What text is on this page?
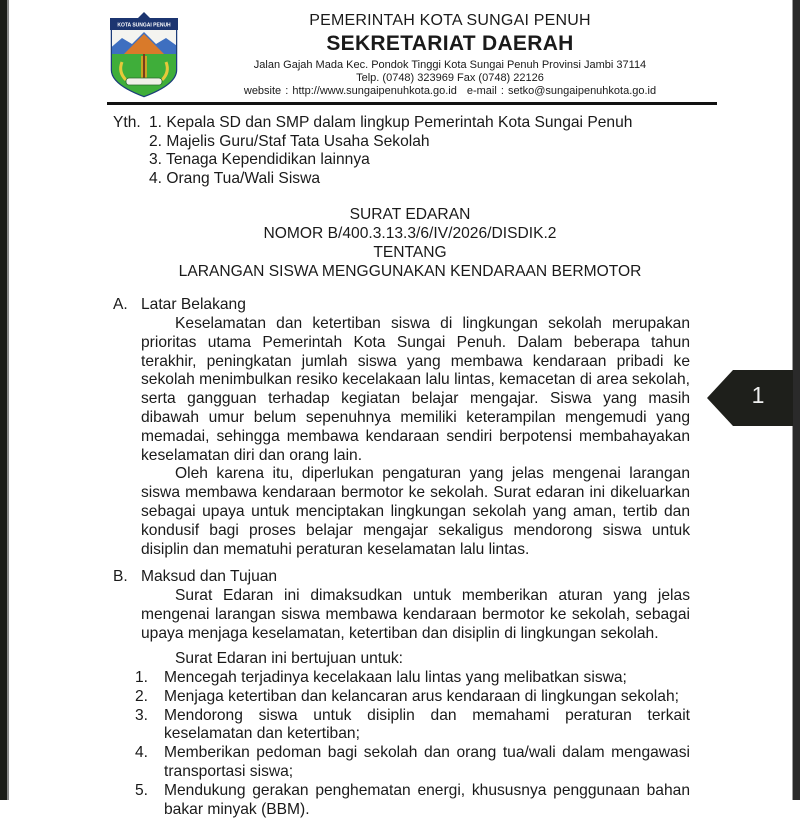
KOTA SUNGAI PENUH	PEMERINTAH KOTA SUNGAI PENUH
SEKRETARIAT DAERAH
Jalan Gajah Mada Kec. Pondok Tinggi Kota Sungai Penuh Provinsi Jambi 37114
Telp. (0748) 323969 Fax (0748) 22126
website : http://www.sungaipenuhkota.go.id e-mail : setko@sungaipenuhkota.go.id
Yth. 1. Kepala SD dan SMP dalam lingkup Pemerintah Kota Sungai Penuh
2. Majelis Guru/Staf Tata Usaha Sekolah
3. Tenaga Kependidikan lainnya
4. Orang Tua/Wali Siswa
SURAT EDARAN
NOMOR B/400.3.13.3/6/IV/2026/DISDIK.2
TENTANG
LARANGAN SISWA MENGGUNAKAN KENDARAAN BERMOTOR
A. Latar Belakang

Keselamatan dan ketertiban siswa di lingkungan sekolah merupakan prioritas utama Pemerintah Kota Sungai Penuh. Dalam beberapa tahun terakhir, peningkatan jumlah siswa yang membawa kendaraan pribadi ke sekolah menimbulkan resiko kecelakaan lalu lintas, kemacetan di area sekolah, serta gangguan terhadap kegiatan belajar mengajar. Siswa yang masih dibawah umur belum sepenuhnya memiliki keterampilan mengemudi yang memadai, sehingga membawa kendaraan sendiri berpotensi membahayakan keselamatan diri dan orang lain.

Oleh karena itu, diperlukan pengaturan yang jelas mengenai larangan siswa membawa kendaraan bermotor ke sekolah. Surat edaran ini dikeluarkan sebagai upaya untuk menciptakan lingkungan sekolah yang aman, tertib dan kondusif bagi proses belajar mengajar sekaligus mendorong siswa untuk disiplin dan mematuhi peraturan keselamatan lalu lintas.

B. Maksud dan Tujuan

Surat Edaran ini dimaksudkan untuk memberikan aturan yang jelas mengenai larangan siswa membawa kendaraan bermotor ke sekolah, sebagai upaya menjaga keselamatan, ketertiban dan disiplin di lingkungan sekolah.

Surat Edaran ini bertujuan untuk:
1. Mencegah terjadinya kecelakaan lalu lintas yang melibatkan siswa;
2. Menjaga ketertiban dan kelancaran arus kendaraan di lingkungan sekolah;
3. Mendorong siswa untuk disiplin dan memahami peraturan terkait keselamatan dan ketertiban;
4. Memberikan pedoman bagi sekolah dan orang tua/wali dalam mengawasi transportasi siswa;
5. Mendukung gerakan penghematan energi, khususnya penggunaan bahan bakar minyak (BBM).
1
